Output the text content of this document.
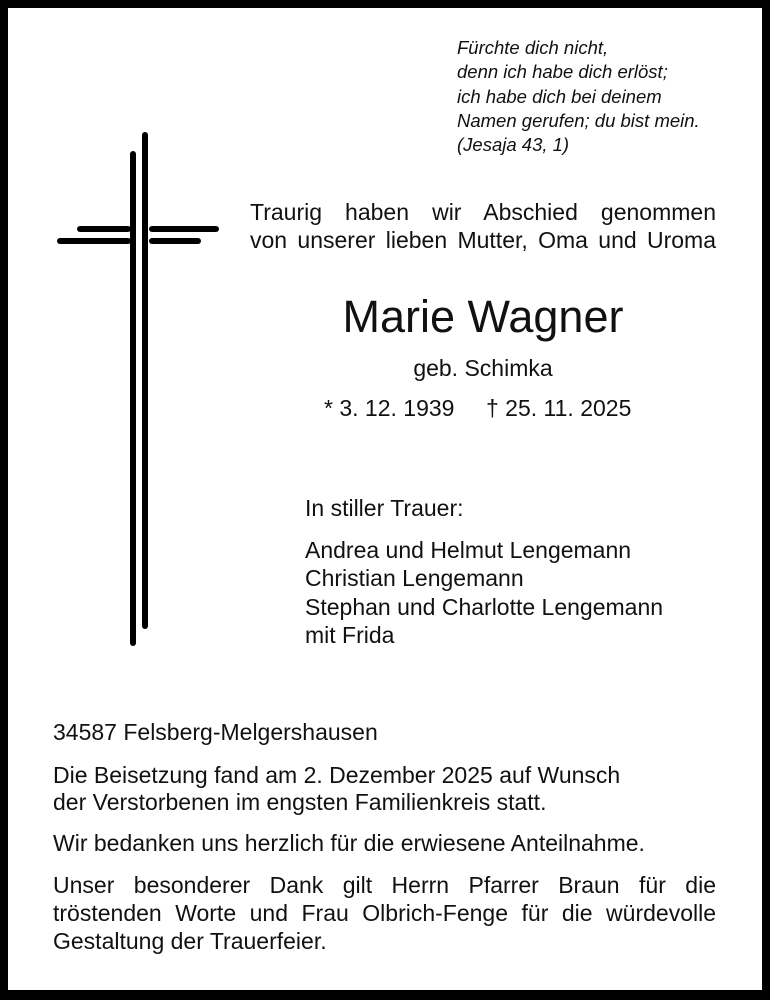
Fürchte dich nicht,
denn ich habe dich erlöst;
ich habe dich bei deinem
Namen gerufen; du bist mein.
(Jesaja 43, 1)
Traurig haben wir Abschied genommen
von unserer lieben Mutter, Oma und Uroma
Marie Wagner
geb. Schimka
* 3. 12. 1939 † 25. 11. 2025
In stiller Trauer:
Andrea und Helmut Lengemann
Christian Lengemann
Stephan und Charlotte Lengemann
mit Frida
34587 Felsberg-Melgershausen
Die Beisetzung fand am 2. Dezember 2025 auf Wunsch
der Verstorbenen im engsten Familienkreis statt.
Wir bedanken uns herzlich für die erwiesene Anteilnahme.
Unser besonderer Dank gilt Herrn Pfarrer Braun für die
tröstenden Worte und Frau Olbrich-Fenge für die würdevolle
Gestaltung der Trauerfeier.
